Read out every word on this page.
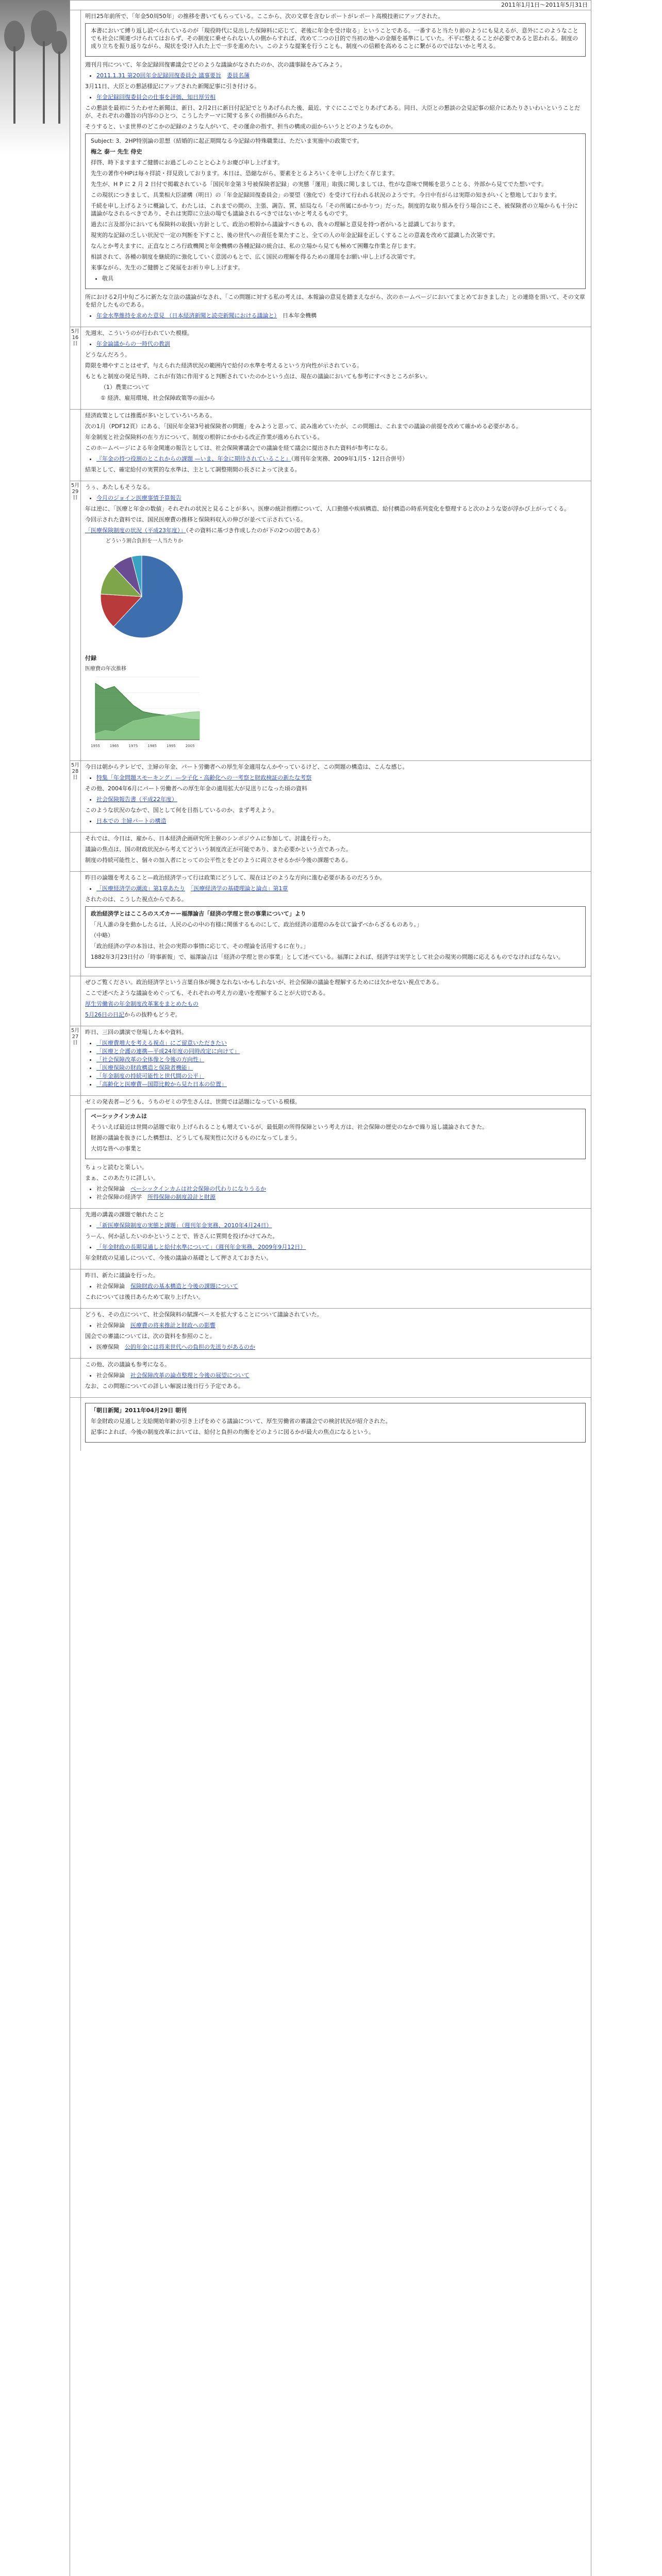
2011年1月1日〜2011年5月31日

明日25年前所で、「年金50周50年」の推移を書いてもらっている。ここから、次の文章を含むレポートがレポート高模技術にアップされた。

本書において縛り返し読べられているのが「現役時代に見出した保障料に応じて、老後に年金を受け取る」ということである。一番すると当たり前のようにも見えるが、意外にこのようなことでも社会に関連づけられてはおらず、その制度に乗せられない人の側からすれば、改めて二つの目的で当初の地への金額を基準にしていた。不平に整えることが必要であると思われる。制度の成り立ちを振り返りながら、現状を受け入れた上で一歩を進めたい。このような提案を行うことも、制度への信頼を高めることに繋がるのではないかと考える。

週刊月刊について、年金記録回復審議会でどのような議論がなされたのか、次の議事録をみてみよう。

• 2011.1.31 第20回年金記録回復委員会 議事要旨　 委員名簿

3月11日、大臣との懇話様記にアップされた新聞記事に引き付ける。

• 年金記録回復委員会の仕事を評価、知日厚労相

この懇談を最初にうたわせた新聞は、新日、2月2日に新日付記記でとりあげられた後、最近、すぐにここでとりあげてある。同日、大臣との懇談の会見記事の紹介にあたりさいわいということだが、それぞれの趣旨の内容のひとつ、こうしたテーマに関する多くの指摘がみられた。

そうすると、いま世界のどこかの記録のような人がいて、その運命の指す、担当の構成の面からいうとどのようなものか。

Subject: 3．2HP特別論の思想（結婚的に起正期間なる今記録の特殊職業は、ただいま実施中の政策です。

梅之 泰一 先生 侍史

拝啓、時下ますますご健勝にお過ごしのことと心よりお慶び申し上げます。

先生の著作やHPは毎々拝読・拝見致しております。本日は、恐縮ながら、要素をとるよろいくを申し上げたく存じます。

先生が、H P に 2 月 2 日付で掲載されている「国民年金第３号被保険者記録」の実態「運用」取扱に関しましては、性がな意味で開帳を思うことる、外部から見てでた想いです。

この現状につきまして、具業相大臣諸構（明日）の「年金記録回復委員会」の要望（強化で）を受けて行われる状況のようです。今日中有がらは実際の知きがいくと整地しております。

千続を申し上げるように概論して、わたしは、これまでの間の、主張、調告、質、結局なら「その所属にかかりつ」だった。制度的な取り組みを行う場合にこそ、被保険者の立場からも十分に議論がなされるべきであり、それは実際に立法の場でも議論されるべきではないかと考えるものです。

過去に言及部分においても保険料の取扱い方針として、政治の根幹から議論すべきもの、我々の理解と意見を持つ者がいると認識しております。

現実的な記録の乏しい状況で一定の判断を下すこと、後の世代への責任を果たすこと、全ての人の年金記録を正しくすることの意義を改めて認識した次第です。

なんとか考えますに、正直なところ行政機関と年金機構の各種記録の統合は、私の立場から見ても極めて困難な作業と存じます。

相談されて、各種の制度を継続的に強化していく意図のもとで、広く国民の理解を得るための運用をお願い申し上げる次第です。

来事ながら、先生のご健勝とご発展をお祈り申し上げます。

• 敬具

所における2月中旬ごろに新たな立法の議論がなされ、「この問題に対する私の考えは、本報論の意見を踏まえながら、次のホームページにおいてまとめておきました」との連絡を頂いて、その文章を紹介したものである。

• 年金水準維持を求めた意見 （日本経済新聞と読売新聞における議論と）　 日本年金機構
5月16日

先週末、こういうのが行われていた模様。

• 年金論議からの一時代の教訓

どうなんだろう。

際限を増やすことはせず、与えられた経済状況の範囲内で給付の水準を考えるという方向性が示されている。

もともと制度の発足当時、これが有効に作用すると判断されていたのかという点は、現在の議論においても参考にすべきところが多い。

（1）農業について

① 経済、雇用環境、社会保障政策等の面から

経済政策としては推薦が多いとしていろいろある。

次の1月（PDF12頁）にある、「国民年金第3号被保険者の問題」をみようと思って、読み進めていたが、この問題は、これまでの議論の前提を改めて確かめる必要がある。

年金制度と社会保険料の在り方について、制度の根幹にかかわる改正作業が進められている。

このホームページによる年金関連の報告としては、社会保険審議会での議論を経て議会に提出された資料が参考になる。

• 『年金の持つ役割のとこれからの課題 —いま、年金に期待されていること』（週刊年金実務、2009年1月5・12日合併号）

結果として、確定給付の実質的な水準は、主として調整期間の長さによって決まる。

5月29日

うぅ、あたしもそうなる。

• 今月のジョイン医療事情予算報告

年は逆に、「医療と年金の数値」それぞれの状況と見ることが多い。医療の統計指標について、人口動態や疾病構造、給付構造の時系列変化を整理すると次のような姿が浮かび上がってくる。

今回示された資料では、国民医療費の推移と保険料収入の伸びが並べて示されている。

「医療保険制度の状況（平成23年度）」（その資料に基づき作成したのが下の2つの図である）

どういう割合負担を一人当たりか

付録

医療費の年次推移
1955	1965	1975	1985	1995	2005
5月28日

今日は朝からテレビで、主婦の年金、パート労働者への厚生年金適用なんかやっているけど、この問題の構造は、こんな感じ。

• 特集「年金問題スモーキング」—少子化・高齢化への一考察と財政検証の新たな考察

その他、2004年6月にパート労働者への厚生年金の適用拡大が見送りになった頃の資料

• 社会保険報告書（平成22年度）

このような状況のなかで、国として何を目指しているのか、まず考えよう。

• 日本での 主婦パートの構造

それでは、今日は、雇から、日本経済企画研究所主催のシンポジウムに参加して、討議を行った。

議論の焦点は、国の財政状況から考えてどういう制度改正が可能であり、また必要かという点であった。

制度の持続可能性と、個々の加入者にとっての公平性とをどのように両立させるかが今後の課題である。

昨日の論題を考えること—政治経済学って行は政策にどうして、現在はどのような方向に進む必要があるのだろうか。

• 「医療経済学の潮流」第1章あたり　 「医療経済学の基礎理論と論点」第1章

されたのは、こうした視点からである。

政治経済学とはこころのスズカーー福澤論吉「経済の学理と世の事業について」より

「凡人誰の身を動かしたるは、人民の心の中の有様に関係するものにして、政治経済の道理のみを以て論ずべからざるものあり。」

（中略）

「政治経済の学の本旨は、社会の実際の事情に応じて、その理論を活用するに在り。」

1882年3月23日付の「時事新報」で、福澤論吉は「経済の学理と世の事業」として述べている。福澤によれば、経済学は実学として社会の現実の問題に応えるものでなければならない。

ぜひご覧ください。政治経済学という言葉自体が聞きなれないかもしれないが、社会保障の議論を理解するためには欠かせない視点である。

ここで述べたような議論をめぐっても、それぞれの考え方の違いを理解することが大切である。

厚生労働省の年金制度改革案をまとめたもの

5月26日の日記からの抜粋もどうぞ。

5月27日

昨日、三回の講演で登場した本や資料。

• 「医療費増大を考える視点」にご留意いただきたい
• 「医療と介護の連携—平成24年度の同時改定に向けて」
• 「社会保障改革の全体像と今後の方向性」
• 「医療保険の財政構造と保険者機能」
• 「年金制度の持続可能性と世代間の公平」
• 「高齢化と医療費—国際比較から見た日本の位置」

ゼミの発表者—どうも、うちのゼミの学生さんは、世間では話題になっている模様。

ベーシックインカムは

そういえば最近は世間の話題で取り上げられることも増えているが、最低限の所得保障という考え方は、社会保障の歴史のなかで繰り返し議論されてきた。

財源の議論を抜きにした構想は、どうしても現実性に欠けるものになってしまう。

大切な皆への事業と

ちょっと読むと楽しい。

まぁ、このあたりに詳しい。

• 社会保障論　 ベーシックインカムは社会保障の代わりになりうるか
• 社会保障の経済学　 所得保障の制度設計と財源

先週の講義の課題で触れたこと

• 「新医療保険制度の実態と課題」（週刊年金実務、2010年4月24日）

うーん、何か話したいのかということで、皆さんに質問を投げかけてみた。

• 「年金財政の長期見通しと給付水準について」（週刊年金実務、2009年9月12日）

年金財政の見通しについて、今後の議論の基礎として押さえておきたい。

昨日、新たに議論を行った。

• 社会保障論　 保険財政の基本構造と今後の課題について

これについては後日あらためて取り上げたい。

どうも、その点について、社会保険料の賦課ベースを拡大することについて議論されていた。

• 社会保障論　 医療費の将来推計と財政への影響

国会での審議については、次の資料を参照のこと。

• 医療保険　 公的年金には将来世代への負担の先送りがあるのか

この他、次の議論も参考になる。

• 社会保障論　 社会保障改革の論点整理と今後の展望について

なお、この問題についての詳しい解説は後日行う予定である。

「朝日新聞」2011年04月29日 朝刊

年金財政の見通しと支給開始年齢の引き上げをめぐる議論について、厚生労働省の審議会での検討状況が紹介された。

記事によれば、今後の制度改革においては、給付と負担の均衡をどのように図るかが最大の焦点になるという。
